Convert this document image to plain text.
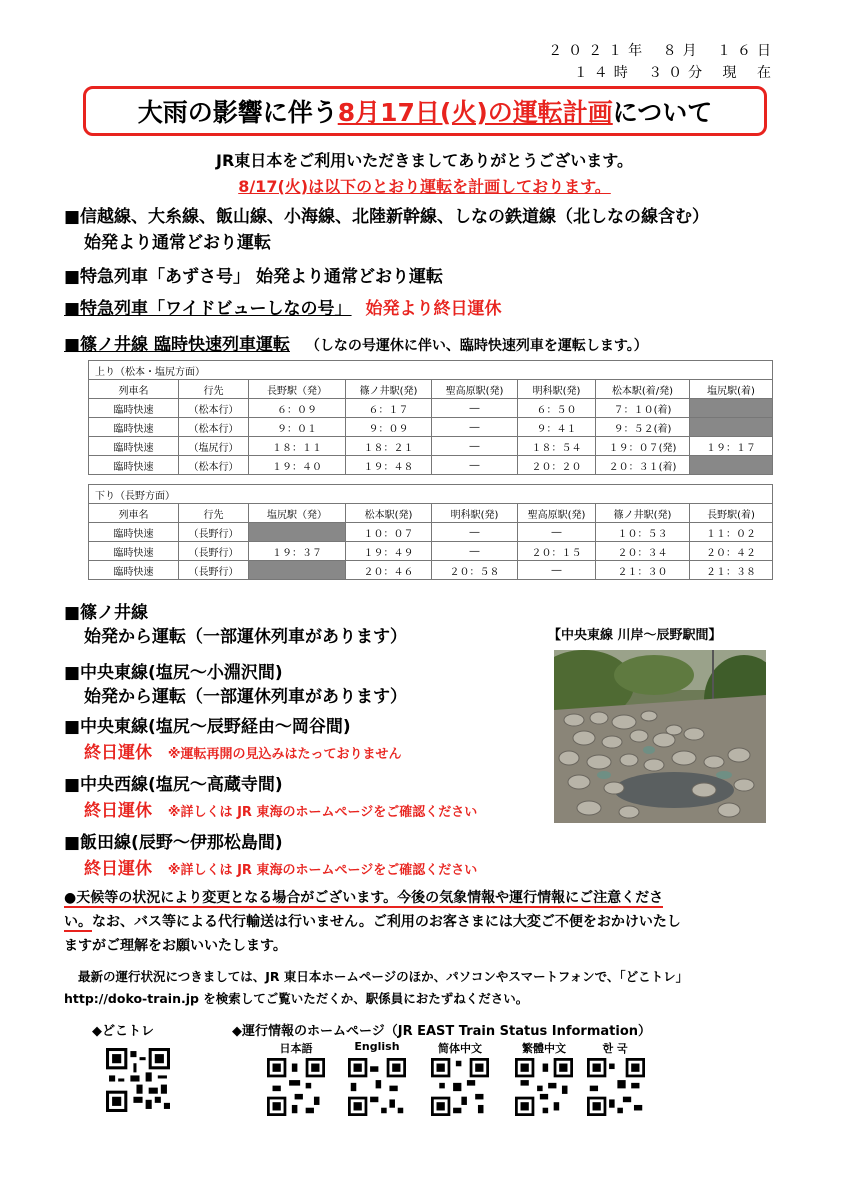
２０２１年 ８月 １６日
１４時 ３０分 現 在
大雨の影響に伴う 8月17日(火)の運転計画 について
JR東日本をご利用いただきましてありがとうございます。
8/17(火)は以下のとおり運転を計画しております。
■信越線、大糸線、飯山線、小海線、北陸新幹線、しなの鉄道線（北しなの線含む）
始発より通常どおり運転
■特急列車「あずさ号」 始発より通常どおり運転
■特急列車「ワイドビューしなの号」 始発より終日運休
■篠ノ井線 臨時快速列車運転 （しなの号運休に伴い、臨時快速列車を運転します。）
上り（松本・塩尻方面）							
列車名	行先	長野駅（発）	篠ノ井駅(発)	聖高原駅(発)	明科駅(発)	松本駅(着/発)	塩尻駅(着)
臨時快速	（松本行）	６：０９	６：１７	―	６：５０	７：１０(着)	
臨時快速	（松本行）	９：０１	９：０９	―	９：４１	９：５２(着)	
臨時快速	（塩尻行）	１８：１１	１８：２１	―	１８：５４	１９：０７(発)	１９：１７
臨時快速	（松本行）	１９：４０	１９：４８	―	２０：２０	２０：３１(着)	
下り（長野方面）							
列車名	行先	塩尻駅（発）	松本駅(発)	明科駅(発)	聖高原駅(発)	篠ノ井駅(発)	長野駅(着)
臨時快速	（長野行）		１０：０７	―	―	１０：５３	１１：０２
臨時快速	（長野行）	１９：３７	１９：４９	―	２０：１５	２０：３４	２０：４２
臨時快速	（長野行）		２０：４６	２０：５８	―	２１：３０	２１：３８
■篠ノ井線
始発から運転（一部運休列車があります）	【中央東線 川岸～辰野駅間】
■中央東線(塩尻～小淵沢間)
始発から運転（一部運休列車があります）
■中央東線(塩尻～辰野経由～岡谷間)
終日運休 ※運転再開の見込みはたっておりません
■中央西線(塩尻～高蔵寺間)
終日運休 ※詳しくは JR 東海のホームページをご確認ください
■飯田線(辰野～伊那松島間)
終日運休 ※詳しくは JR 東海のホームページをご確認ください
●天候等の状況により変更となる場合がございます。今後の気象情報や運行情報にご注意くださ
い。なお、バス等による代行輸送は行いません。ご利用のお客さまには大変ご不便をおかけいたし
ますがご理解をお願いいたします。
最新の運行状況につきましては、JR 東日本ホームページのほか、パソコンやスマートフォンで、「どこトレ」
http://doko-train.jp を検索してご覧いただくか、駅係員におたずねください。
◆どこトレ	◆運行情報のホームページ（JR EAST Train Status Information）
日本語	English	简体中文	繁體中文	한 국
